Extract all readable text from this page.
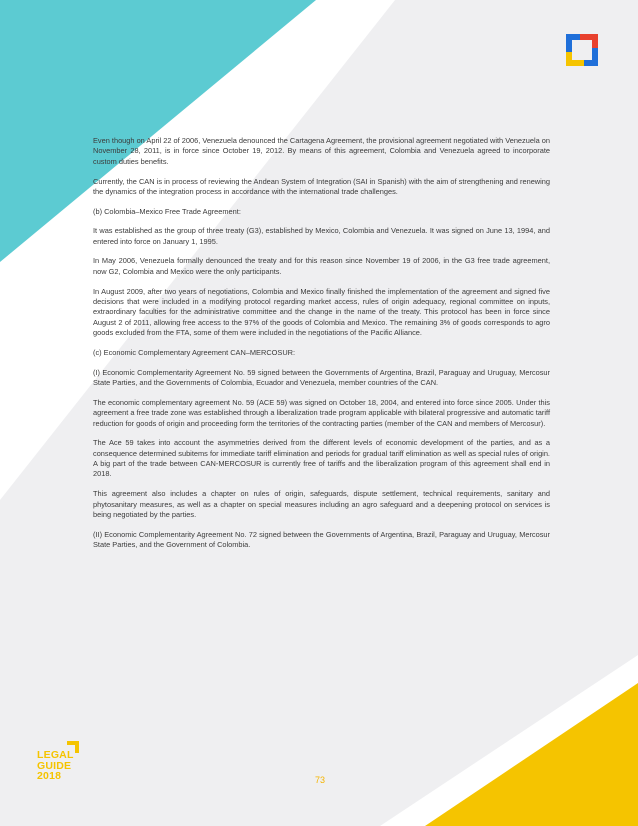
Even though on April 22 of 2006, Venezuela denounced the Cartagena Agreement, the provisional agreement negotiated with Venezuela on November 28, 2011, is in force since October 19, 2012. By means of this agreement, Colombia and Venezuela agreed to incorporate custom duties benefits.

Currently, the CAN is in process of reviewing the Andean System of Integration (SAI in Spanish) with the aim of strengthening and renewing the dynamics of the integration process in accordance with the international trade challenges.

(b) Colombia–Mexico Free Trade Agreement:

It was established as the group of three treaty (G3), established by Mexico, Colombia and Venezuela. It was signed on June 13, 1994, and entered into force on January 1, 1995.

In May 2006, Venezuela formally denounced the treaty and for this reason since November 19 of 2006, in the G3 free trade agreement, now G2, Colombia and Mexico were the only participants.

In August 2009, after two years of negotiations, Colombia and Mexico finally finished the implementation of the agreement and signed five decisions that were included in a modifying protocol regarding market access, rules of origin adequacy, regional committee on inputs, extraordinary faculties for the administrative committee and the change in the name of the treaty. This protocol has been in force since August 2 of 2011, allowing free access to the 97% of the goods of Colombia and Mexico. The remaining 3% of goods corresponds to agro goods excluded from the FTA, some of them were included in the negotiations of the Pacific Alliance.

(c) Economic Complementary Agreement CAN–MERCOSUR:

(I) Economic Complementarity Agreement No. 59 signed between the Governments of Argentina, Brazil, Paraguay and Uruguay, Mercosur State Parties, and the Governments of Colombia, Ecuador and Venezuela, member countries of the CAN.

The economic complementary agreement No. 59 (ACE 59) was signed on October 18, 2004, and entered into force since 2005. Under this agreement a free trade zone was established through a liberalization trade program applicable with bilateral progressive and automatic tariff reduction for goods of origin and proceeding form the territories of the contracting parties (member of the CAN and members of Mercosur).

The Ace 59 takes into account the asymmetries derived from the different levels of economic development of the parties, and as a consequence determined subitems for immediate tariff elimination and periods for gradual tariff elimination as well as special rules of origin. A big part of the trade between CAN-MERCOSUR is currently free of tariffs and the liberalization program of this agreement shall end in 2018.

This agreement also includes a chapter on rules of origin, safeguards, dispute settlement, technical requirements, sanitary and phytosanitary measures, as well as a chapter on special measures including an agro safeguard and a deepening protocol on services is being negotiated by the parties.

(II) Economic Complementarity Agreement No. 72 signed between the Governments of Argentina, Brazil, Paraguay and Uruguay, Mercosur State Parties, and the Government of Colombia.

LEGAL
GUIDE
2018	73
